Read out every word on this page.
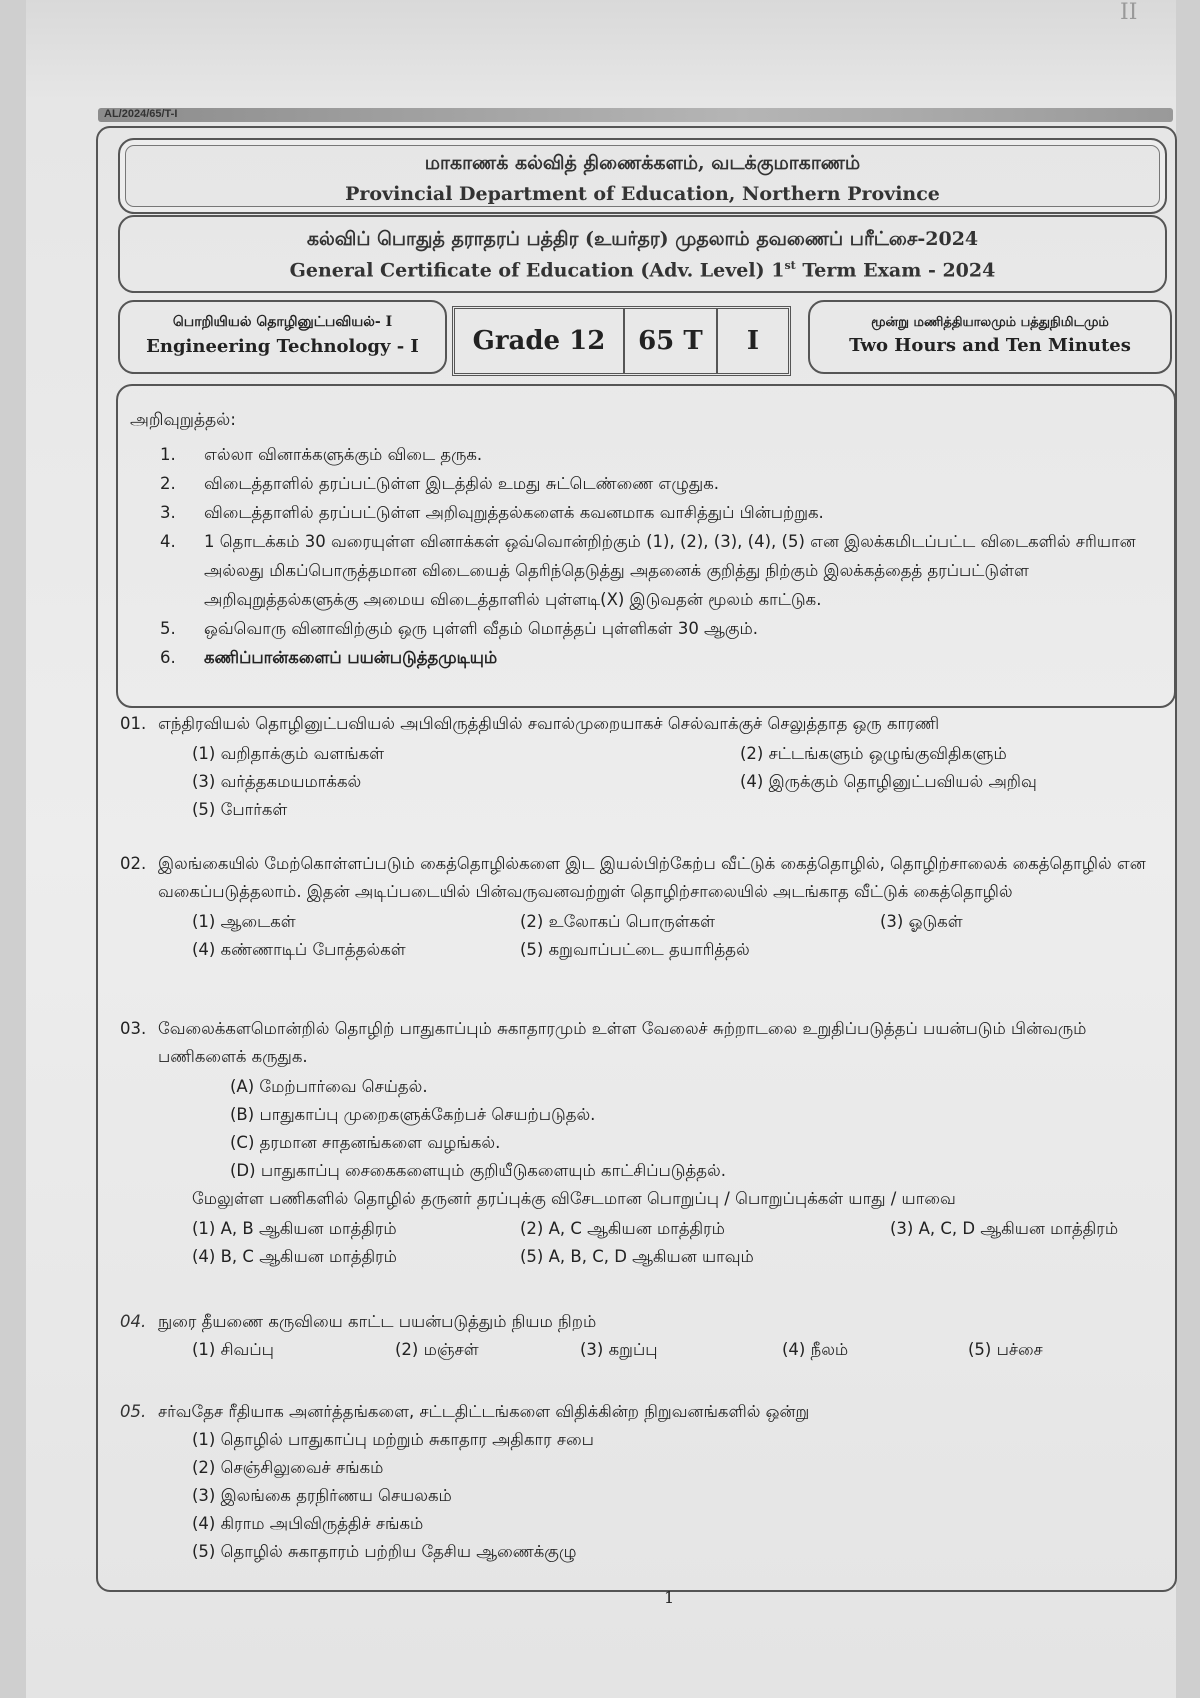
II
AL/2024/65/T-I
மாகாணக் கல்வித் திணைக்களம், வடக்குமாகாணம்
Provincial Department of Education, Northern Province
கல்விப் பொதுத் தராதரப் பத்திர (உயர்தர) முதலாம் தவணைப் பரீட்சை-2024
General Certificate of Education (Adv. Level) 1st Term Exam - 2024
பொறியியல் தொழினுட்பவியல்- I
Engineering Technology - I	Grade 12	65 T	I
மூன்று மணித்தியாலமும் பத்துநிமிடமும்
Two Hours and Ten Minutes
அறிவுறுத்தல்:
1.	எல்லா வினாக்களுக்கும் விடை தருக.
2.	விடைத்தாளில் தரப்பட்டுள்ள இடத்தில் உமது சுட்டெண்ணை எழுதுக.
3.	விடைத்தாளில் தரப்பட்டுள்ள அறிவுறுத்தல்களைக் கவனமாக வாசித்துப் பின்பற்றுக.
4.	1 தொடக்கம் 30 வரையுள்ள வினாக்கள் ஒவ்வொன்றிற்கும் (1), (2), (3), (4), (5) என இலக்கமிடப்பட்ட விடைகளில் சரியான அல்லது மிகப்பொருத்தமான விடையைத் தெரிந்தெடுத்து அதனைக் குறித்து நிற்கும் இலக்கத்தைத் தரப்பட்டுள்ள அறிவுறுத்தல்களுக்கு அமைய விடைத்தாளில் புள்ளடி(X) இடுவதன் மூலம் காட்டுக.
5.	ஒவ்வொரு வினாவிற்கும் ஒரு புள்ளி வீதம் மொத்தப் புள்ளிகள் 30 ஆகும்.
6.	கணிப்பான்களைப் பயன்படுத்தமுடியும்
01. எந்திரவியல் தொழினுட்பவியல் அபிவிருத்தியில் சவால்முறையாகச் செல்வாக்குச் செலுத்தாத ஒரு காரணி
(1) வறிதாக்கும் வளங்கள்	(2) சட்டங்களும் ஒழுங்குவிதிகளும்
(3) வர்த்தகமயமாக்கல்	(4) இருக்கும் தொழினுட்பவியல் அறிவு
(5) போர்கள்
02. இலங்கையில் மேற்கொள்ளப்படும் கைத்தொழில்களை இட இயல்பிற்கேற்ப வீட்டுக் கைத்தொழில், தொழிற்சாலைக் கைத்தொழில் என வகைப்படுத்தலாம். இதன் அடிப்படையில் பின்வருவனவற்றுள் தொழிற்சாலையில் அடங்காத வீட்டுக் கைத்தொழில்
(1) ஆடைகள்	(2) உலோகப் பொருள்கள்	(3) ஓடுகள்
(4) கண்ணாடிப் போத்தல்கள்	(5) கறுவாப்பட்டை தயாரித்தல்
03. வேலைக்களமொன்றில் தொழிற் பாதுகாப்பும் சுகாதாரமும் உள்ள வேலைச் சுற்றாடலை உறுதிப்படுத்தப் பயன்படும் பின்வரும் பணிகளைக் கருதுக.
(A) மேற்பார்வை செய்தல்.
(B) பாதுகாப்பு முறைகளுக்கேற்பச் செயற்படுதல்.
(C) தரமான சாதனங்களை வழங்கல்.
(D) பாதுகாப்பு சைகைகளையும் குறியீடுகளையும் காட்சிப்படுத்தல்.
மேலுள்ள பணிகளில் தொழில் தருனர் தரப்புக்கு விசேடமான பொறுப்பு / பொறுப்புக்கள் யாது / யாவை
(1) A, B ஆகியன மாத்திரம்	(2) A, C ஆகியன மாத்திரம்	(3) A, C, D ஆகியன மாத்திரம்
(4) B, C ஆகியன மாத்திரம்	(5) A, B, C, D ஆகியன யாவும்
04. நுரை தீயணை கருவியை காட்ட பயன்படுத்தும் நியம நிறம்
(1) சிவப்பு	(2) மஞ்சள்	(3) கறுப்பு	(4) நீலம்	(5) பச்சை
05. சர்வதேச ரீதியாக அனர்த்தங்களை, சட்டதிட்டங்களை விதிக்கின்ற நிறுவனங்களில் ஒன்று
(1) தொழில் பாதுகாப்பு மற்றும் சுகாதார அதிகார சபை
(2) செஞ்சிலுவைச் சங்கம்
(3) இலங்கை தரநிர்ணய செயலகம்
(4) கிராம அபிவிருத்திச் சங்கம்
(5) தொழில் சுகாதாரம் பற்றிய தேசிய ஆணைக்குழு
1
